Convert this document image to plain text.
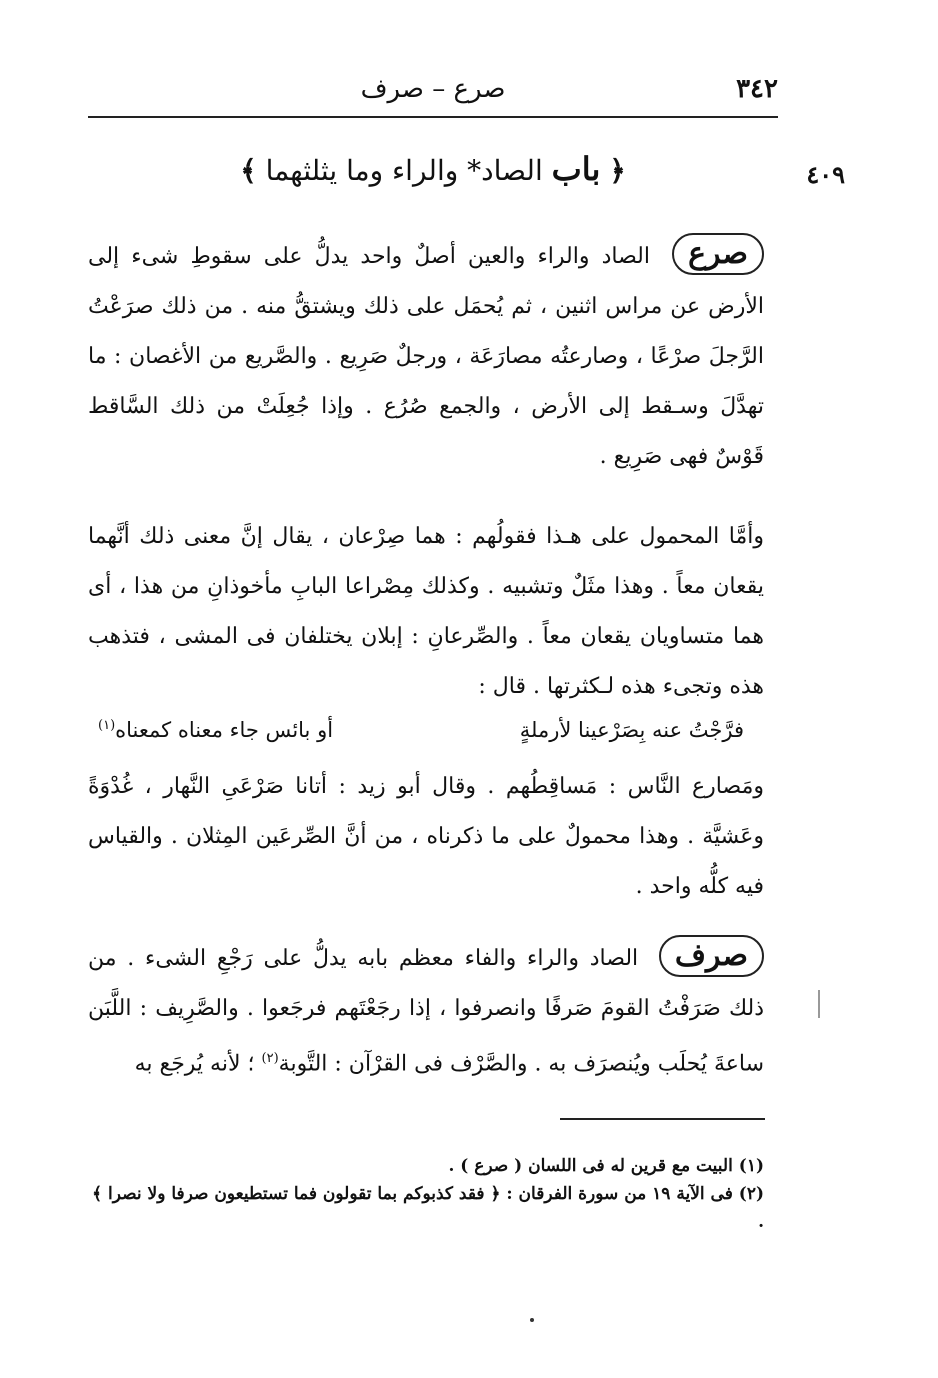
٣٤٢
صرع – صرف
٤٠٩
﴿ باب الصاد* والراء وما يثلثهما ﴾
صرع الصاد والراء والعين أصلٌ واحد يدلُّ على سقوطِ شىء إلى الأرض عن مراس اثنين ، ثم يُحمَل على ذلك ويشتقُّ منه . من ذلك صرَعْتُ الرَّجلَ صرْعًا ، وصارعتُه مصارَعَة ، ورجلٌ صَرِيع . والصَّريع من الأغصان : ما تهدَّلَ وسـقط إلى الأرض ، والجمع صُرُع . وإذا جُعِلَتْ من ذلك السَّاقط قَوْسٌ فهى صَرِيع .
وأمَّا المحمول على هـذا فقولُهم : هما صِرْعان ، يقال إنَّ معنى ذلك أنَّهما يقعان معاً . وهذا مثَلٌ وتشبيه . وكذلك مِصْراعا البابِ مأخوذانِ من هذا ، أى هما متساويان يقعان معاً . والصِّرعانِ : إبلان يختلفان فى المشى ، فتذهب هذه وتجىء هذه لـكثرتها . قال :
فرَّجْتُ عنه بِصَرْعينا لأرملةٍ
أو بائس جاء معناه كمعناه$^{(١)}$
ومَصارع النَّاس : مَساقِطُهم . وقال أبو زيد : أتانا صَرْعَىِ النَّهار ، غُدْوَةً وعَشيَّة . وهذا محمولٌ على ما ذكرناه ، من أنَّ الصِّرعَين المِثلان . والقياس فيه كلُّه واحد .
صرف الصاد والراء والفاء معظم بابه يدلُّ على رَجْعِ الشىء . من ذلك صَرَفْتُ القومَ صَرفًا وانصرفوا ، إذا رجَعْتَهم فرجَعوا . والصَّرِيف : اللَّبَن ساعةَ يُحلَب ويُنصرَف به . والصَّرْف فى القرْآن : التَّوبة$^{(٢)}$ ؛ لأنه يُرجَع به
(١) البيت مع قرين له فى اللسان ( صرع ) .
(٢) فى الآية ١٩ من سورة الفرقان : ﴿ فقد كذبوكم بما تقولون فما تستطيعون صرفا ولا نصرا ﴾ .
